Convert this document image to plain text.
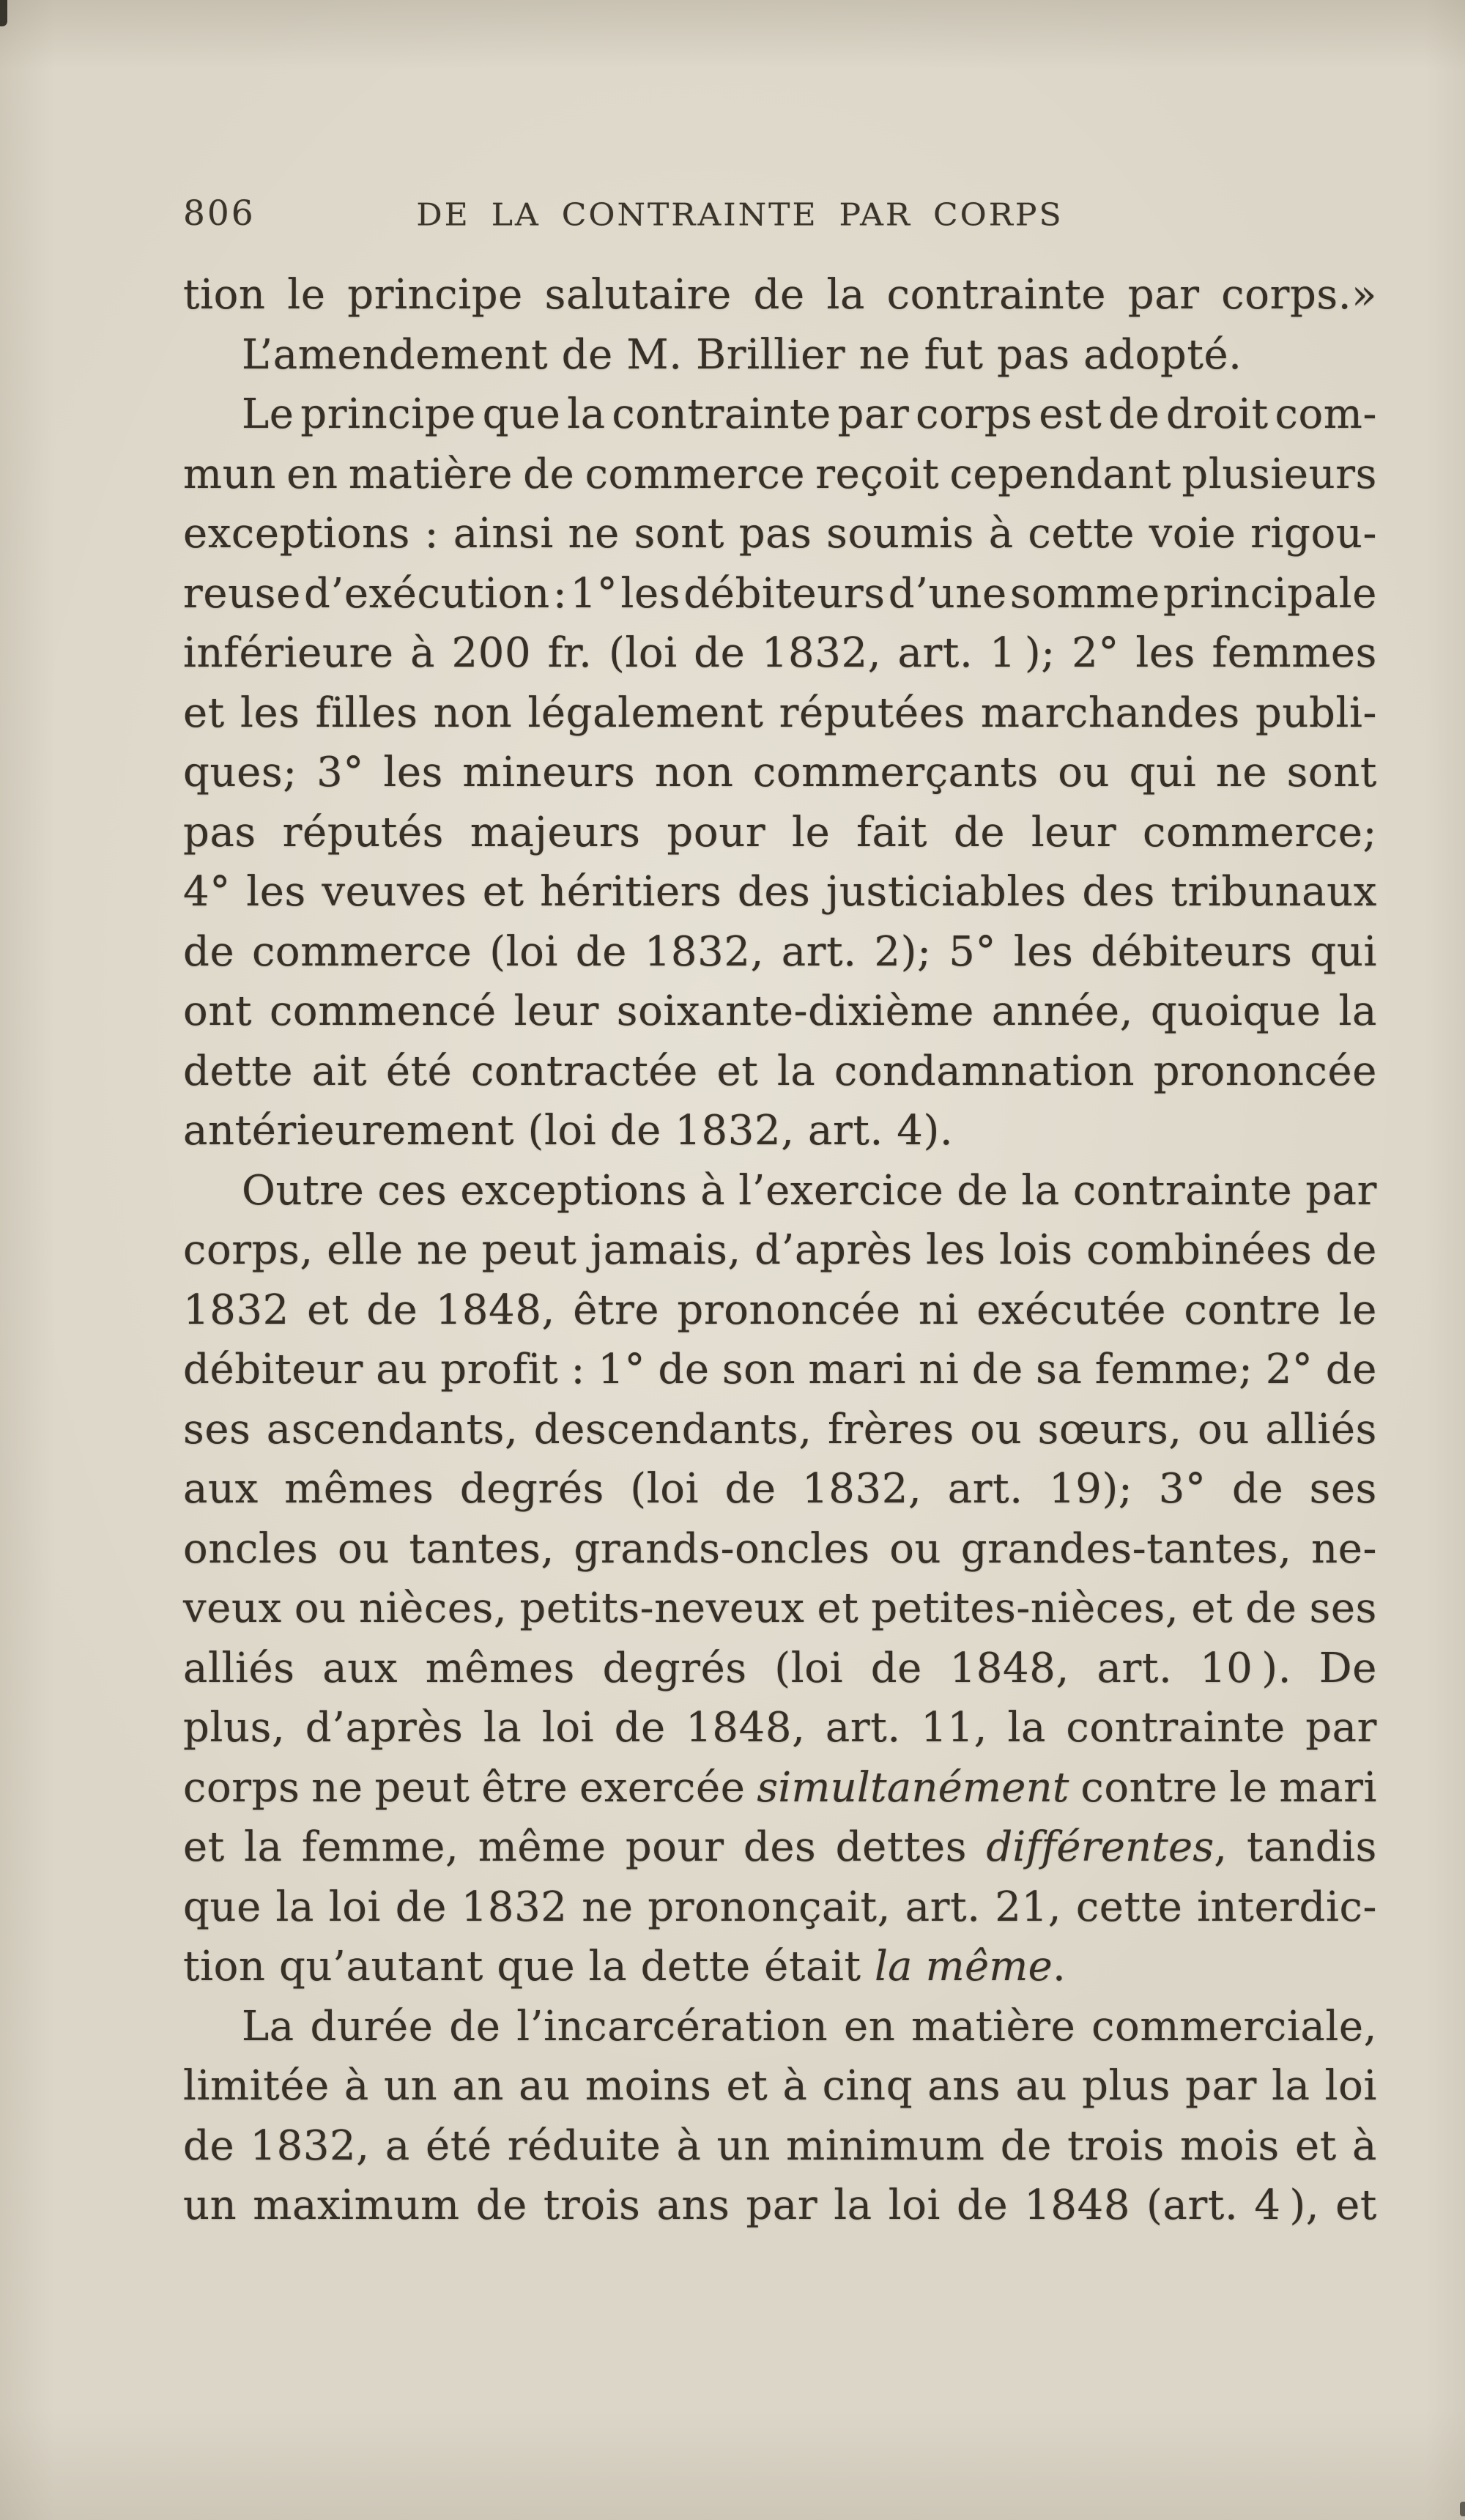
806	DE LA CONTRAINTE PAR CORPS
tion le principe salutaire de la contrainte par corps.»
L’amendement de M. Brillier ne fut pas adopté.
Le principe que la contrainte par corps est de droit com-
mun en matière de commerce reçoit cependant plusieurs
exceptions : ainsi ne sont pas soumis à cette voie rigou-
reuse d’exécution : 1° les débiteurs d’une somme principale
inférieure à 200 fr. (loi de 1832, art. 1 ); 2° les femmes
et les filles non légalement réputées marchandes publi-
ques; 3° les mineurs non commerçants ou qui ne sont
pas réputés majeurs pour le fait de leur commerce;
4° les veuves et héritiers des justiciables des tribunaux
de commerce (loi de 1832, art. 2); 5° les débiteurs qui
ont commencé leur soixante-dixième année, quoique la
dette ait été contractée et la condamnation prononcée
antérieurement (loi de 1832, art. 4).
Outre ces exceptions à l’exercice de la contrainte par
corps, elle ne peut jamais, d’après les lois combinées de
1832 et de 1848, être prononcée ni exécutée contre le
débiteur au profit : 1° de son mari ni de sa femme; 2° de
ses ascendants, descendants, frères ou sœurs, ou alliés
aux mêmes degrés (loi de 1832, art. 19); 3° de ses
oncles ou tantes, grands-oncles ou grandes-tantes, ne-
veux ou nièces, petits-neveux et petites-nièces, et de ses
alliés aux mêmes degrés (loi de 1848, art. 10 ). De
plus, d’après la loi de 1848, art. 11, la contrainte par
corps ne peut être exercée simultanément contre le mari
et la femme, même pour des dettes différentes, tandis
que la loi de 1832 ne prononçait, art. 21, cette interdic-
tion qu’autant que la dette était la même.
La durée de l’incarcération en matière commerciale,
limitée à un an au moins et à cinq ans au plus par la loi
de 1832, a été réduite à un minimum de trois mois et à
un maximum de trois ans par la loi de 1848 (art. 4 ), et
